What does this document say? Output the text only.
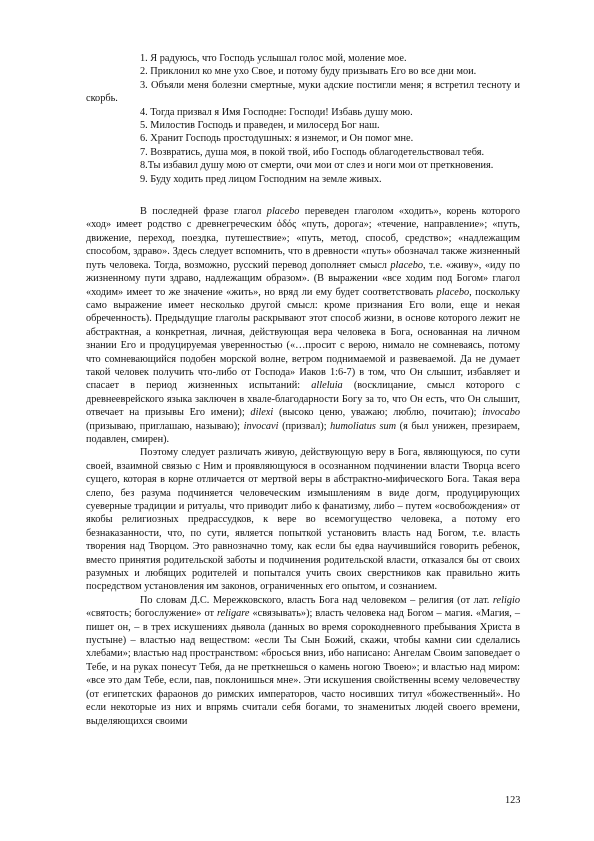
1. Я радуюсь, что Господь услышал голос мой, моление мое.

2. Приклонил ко мне ухо Свое, и потому буду призывать Его во все дни мои.

3. Объяли меня болезни смертные, муки адские постигли меня; я встретил тесноту и скорбь.

4. Тогда призвал я Имя Господне: Господи! Избавь душу мою.

5. Милостив Господь и праведен, и милосерд Бог наш.

6. Хранит Господь простодушных: я изнемог, и Он помог мне.

7. Возвратись, душа моя, в покой твой, ибо Господь облагодетельствовал тебя.

8.Ты избавил душу мою от смерти, очи мои от слез и ноги мои от преткновения.

9. Буду ходить пред лицом Господним на земле живых.

В последней фразе глагол placebo переведен глаголом «ходить», корень которого «ход» имеет родство с древнегреческим ὁδός «путь, дорога»; «течение, направление»; «путь, движение, переход, поездка, путешествие»; «путь, метод, способ, средство»; «надлежащим способом, здраво». Здесь следует вспомнить, что в древности «путь» обозначал также жизненный путь человека. Тогда, возможно, русский перевод дополняет смысл placebo, т.е. «живу», «иду по жизненному пути здраво, надлежащим образом». (В выражении «все ходим под Богом» глагол «ходим» имеет то же значение «жить», но вряд ли ему будет соответствовать placebo, поскольку само выражение имеет несколько другой смысл: кроме признания Его воли, еще и некая обреченность). Предыдущие глаголы раскрывают этот способ жизни, в основе которого лежит не абстрактная, а конкретная, личная, действующая вера человека в Бога, основанная на личном знании Его и продуцируемая уверенностью («…просит с верою, нимало не сомневаясь, потому что сомневающийся подобен морской волне, ветром поднимаемой и развеваемой. Да не думает такой человек получить что-либо от Господа» Иаков 1:6-7) в том, что Он слышит, избавляет и спасает в период жизненных испытаний: alleluia (восклицание, смысл которого с древнееврейского языка заключен в хвале-благодарности Богу за то, что Он есть, что Он слышит, отвечает на призывы Его имени); dilexi (высоко ценю, уважаю; люблю, почитаю); invocabo (призываю, приглашаю, называю); invocavi (призвал); humoliatus sum (я был унижен, презираем, подавлен, смирен).

Поэтому следует различать живую, действующую веру в Бога, являющуюся, по сути своей, взаимной связью с Ним и проявляющуюся в осознанном подчинении власти Творца всего сущего, которая в корне отличается от мертвой веры в абстрактно-мифического Бога. Такая вера слепо, без разума подчиняется человеческим измышлениям в виде догм, продуцирующих суеверные традиции и ритуалы, что приводит либо к фанатизму, либо – путем «освобождения» от якобы религиозных предрассудков, к вере во всемогущество человека, а потому его безнаказанности, что, по сути, является попыткой установить власть над Богом, т.е. власть творения над Творцом. Это равнозначно тому, как если бы едва научившийся говорить ребенок, вместо принятия родительской заботы и подчинения родительской власти, отказался бы от своих разумных и любящих родителей и попытался учить своих сверстников как правильно жить посредством установления им законов, ограниченных его опытом, и сознанием.

По словам Д.С. Мережковского, власть Бога над человеком – религия (от лат. religio «святость; богослужение» от religare «связывать»); власть человека над Богом – магия. «Магия, – пишет он, – в трех искушениях дьявола (данных во время сорокодневного пребывания Христа в пустыне) – властью над веществом: «если Ты Сын Божий, скажи, чтобы камни сии сделались хлебами»; властью над пространством: «бросься вниз, ибо написано: Ангелам Своим заповедает о Тебе, и на руках понесут Тебя, да не преткнешься о камень ногою Твоею»; и властью над миром: «все это дам Тебе, если, пав, поклонишься мне». Эти искушения свойственны всему человечеству (от египетских фараонов до римских императоров, часто носивших титул «божественный». Но если некоторые из них и впрямь считали себя богами, то знаменитых людей своего времени, выделяющихся своими

123
